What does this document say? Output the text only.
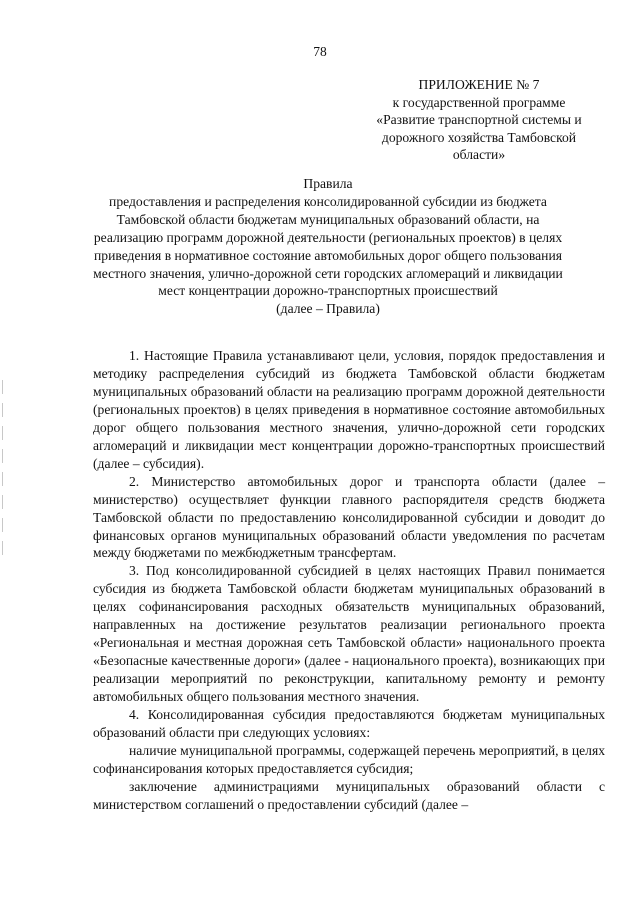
78
ПРИЛОЖЕНИЕ № 7
к государственной программе
«Развитие транспортной системы и
дорожного хозяйства Тамбовской
области»
Правила
предоставления и распределения консолидированной субсидии из бюджета Тамбовской области бюджетам муниципальных образований области, на реализацию программ дорожной деятельности (региональных проектов) в целях приведения в нормативное состояние автомобильных дорог общего пользования местного значения, улично-дорожной сети городских агломераций и ликвидации мест концентрации дорожно-транспортных происшествий
(далее – Правила)

1. Настоящие Правила устанавливают цели, условия, порядок предоставления и методику распределения субсидий из бюджета Тамбовской области бюджетам муниципальных образований области на реализацию программ дорожной деятельности (региональных проектов) в целях приведения в нормативное состояние автомобильных дорог общего пользования местного значения, улично-дорожной сети городских агломераций и ликвидации мест концентрации дорожно-транспортных происшествий (далее – субсидия).

2. Министерство автомобильных дорог и транспорта области (далее – министерство) осуществляет функции главного распорядителя средств бюджета Тамбовской области по предоставлению консолидированной субсидии и доводит до финансовых органов муниципальных образований области уведомления по расчетам между бюджетами по межбюджетным трансфертам.

3. Под консолидированной субсидией в целях настоящих Правил понимается субсидия из бюджета Тамбовской области бюджетам муниципальных образований в целях софинансирования расходных обязательств муниципальных образований, направленных на достижение результатов реализации регионального проекта «Региональная и местная дорожная сеть Тамбовской области» национального проекта «Безопасные качественные дороги» (далее - национального проекта), возникающих при реализации мероприятий по реконструкции, капитальному ремонту и ремонту автомобильных общего пользования местного значения.

4. Консолидированная субсидия предоставляются бюджетам муниципальных образований области при следующих условиях:

наличие муниципальной программы, содержащей перечень мероприятий, в целях софинансирования которых предоставляется субсидия;

заключение администрациями муниципальных образований области с министерством соглашений о предоставлении субсидий (далее –
